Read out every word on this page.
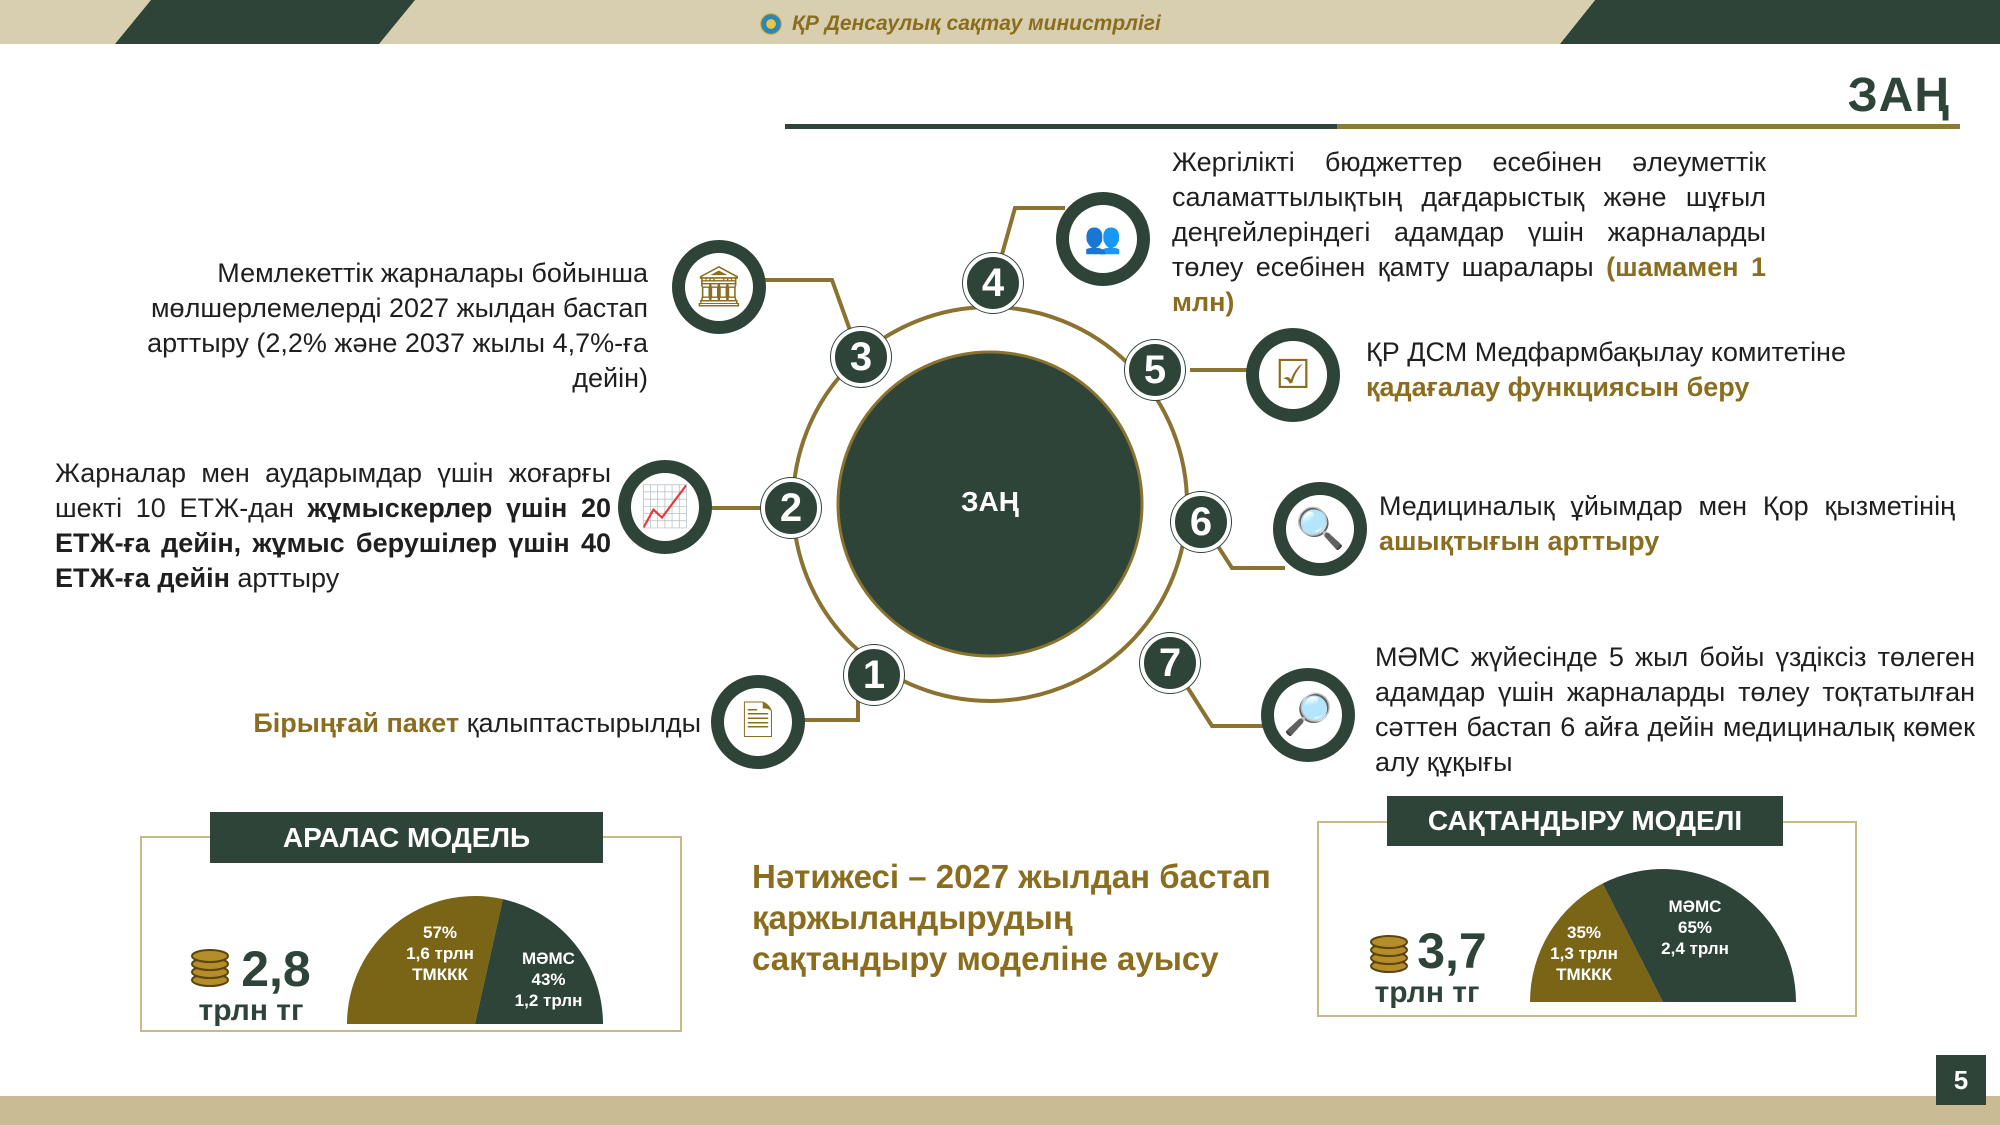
ҚР Денсаулық сақтау министрлігі
ЗАҢ
ЗАҢ
1
2
3
4
5
6
7
🗎
📈
🏛
👥
☑
🔍
🔎
Бірыңғай пакет қалыптастырылды
Жарналар мен аударымдар үшін жоғарғы шекті 10 ЕТЖ-дан жұмыскерлер үшін 20 ЕТЖ-ға дейін, жұмыс берушілер үшін 40 ЕТЖ-ға дейін арттыру
Мемлекеттік жарналары бойынша мөлшерлемелерді 2027 жылдан бастап арттыру (2,2% және 2037 жылы 4,7%-ға дейін)
Жергілікті бюджеттер есебінен әлеуметтік саламаттылықтың дағдарыстық және шұғыл деңгейлеріндегі адамдар үшін жарналарды төлеу есебінен қамту шаралары (шамамен 1 млн)
ҚР ДСМ Медфармбақылау комитетіне қадағалау функциясын беру
Медициналық ұйымдар мен Қор қызметінің ашықтығын арттыру
МӘМС жүйесінде 5 жыл бойы үздіксіз төлеген адамдар үшін жарналарды төлеу тоқтатылған сәттен бастап 6 айға дейін медициналық көмек алу құқығы
АРАЛАС МОДЕЛЬ
2,8
трлн тг
57%
1,6 трлн
ТМККК
МӘМС
43%
1,2 трлн
Нәтижесі – 2027 жылдан бастап қаржыландырудың сақтандыру моделіне ауысу
САҚТАНДЫРУ МОДЕЛІ
3,7
трлн тг
35%
1,3 трлн
ТМККК
МӘМС
65%
2,4 трлн
5
